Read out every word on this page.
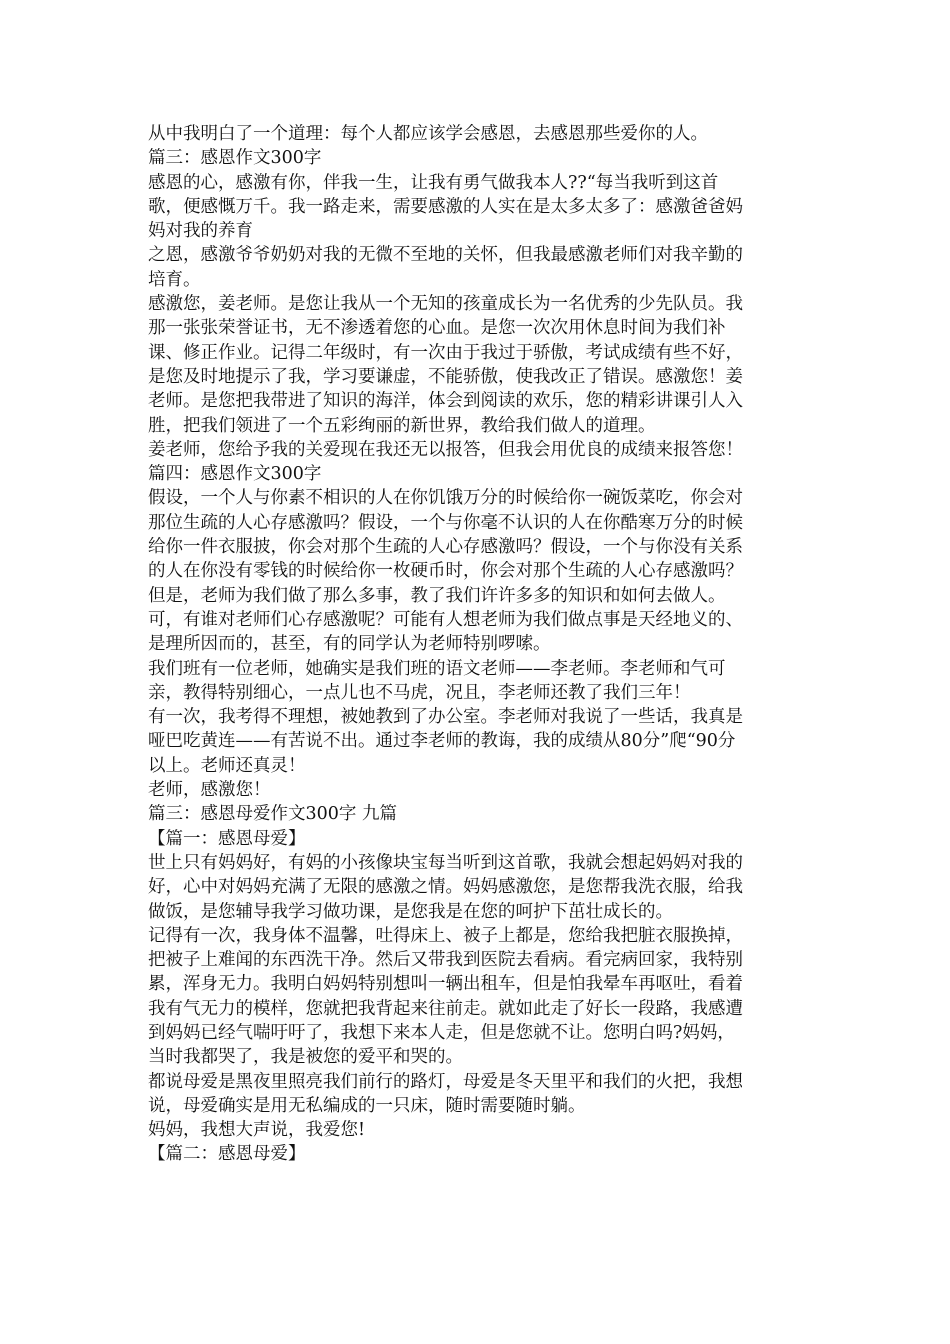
从中我明白了一个道理：每个人都应该学会感恩，去感恩那些爱你的人。
篇三：感恩作文300字
感恩的心，感激有你，伴我一生，让我有勇气做我本人??“每当我听到这首
歌，便感慨万千。我一路走来，需要感激的人实在是太多太多了：感激爸爸妈
妈对我的养育
之恩，感激爷爷奶奶对我的无微不至地的关怀，但我最感激老师们对我辛勤的
培育。
感激您，姜老师。是您让我从一个无知的孩童成长为一名优秀的少先队员。我
那一张张荣誉证书，无不渗透着您的心血。是您一次次用休息时间为我们补
课、修正作业。记得二年级时，有一次由于我过于骄傲，考试成绩有些不好，
是您及时地提示了我，学习要谦虚，不能骄傲，使我改正了错误。感激您！姜
老师。是您把我带进了知识的海洋，体会到阅读的欢乐，您的精彩讲课引人入
胜，把我们领进了一个五彩绚丽的新世界，教给我们做人的道理。
姜老师，您给予我的关爱现在我还无以报答，但我会用优良的成绩来报答您！
篇四：感恩作文300字
假设，一个人与你素不相识的人在你饥饿万分的时候给你一碗饭菜吃，你会对
那位生疏的人心存感激吗？假设，一个与你毫不认识的人在你酷寒万分的时候
给你一件衣服披，你会对那个生疏的人心存感激吗？假设，一个与你没有关系
的人在你没有零钱的时候给你一枚硬币时，你会对那个生疏的人心存感激吗？
但是，老师为我们做了那么多事，教了我们许许多多的知识和如何去做人。
可，有谁对老师们心存感激呢？可能有人想老师为我们做点事是天经地义的、
是理所因而的，甚至，有的同学认为老师特别啰嗦。
我们班有一位老师，她确实是我们班的语文老师——李老师。李老师和气可
亲，教得特别细心，一点儿也不马虎，况且，李老师还教了我们三年！
有一次，我考得不理想，被她教到了办公室。李老师对我说了一些话，我真是
哑巴吃黄连——有苦说不出。通过李老师的教诲，我的成绩从80分”爬“90分
以上。老师还真灵！
老师，感激您！
篇三：感恩母爱作文300字 九篇
【篇一：感恩母爱】
世上只有妈妈好，有妈的小孩像块宝每当听到这首歌，我就会想起妈妈对我的
好，心中对妈妈充满了无限的感激之情。妈妈感激您，是您帮我洗衣服，给我
做饭，是您辅导我学习做功课，是您我是在您的呵护下茁壮成长的。
记得有一次，我身体不温馨，吐得床上、被子上都是，您给我把脏衣服换掉，
把被子上难闻的东西洗干净。然后又带我到医院去看病。看完病回家，我特别
累，浑身无力。我明白妈妈特别想叫一辆出租车，但是怕我晕车再呕吐，看着
我有气无力的模样，您就把我背起来往前走。就如此走了好长一段路，我感遭
到妈妈已经气喘吁吁了，我想下来本人走，但是您就不让。您明白吗?妈妈，
当时我都哭了，我是被您的爱平和哭的。
都说母爱是黑夜里照亮我们前行的路灯，母爱是冬天里平和我们的火把，我想
说，母爱确实是用无私编成的一只床，随时需要随时躺。
妈妈，我想大声说，我爱您!
【篇二：感恩母爱】
